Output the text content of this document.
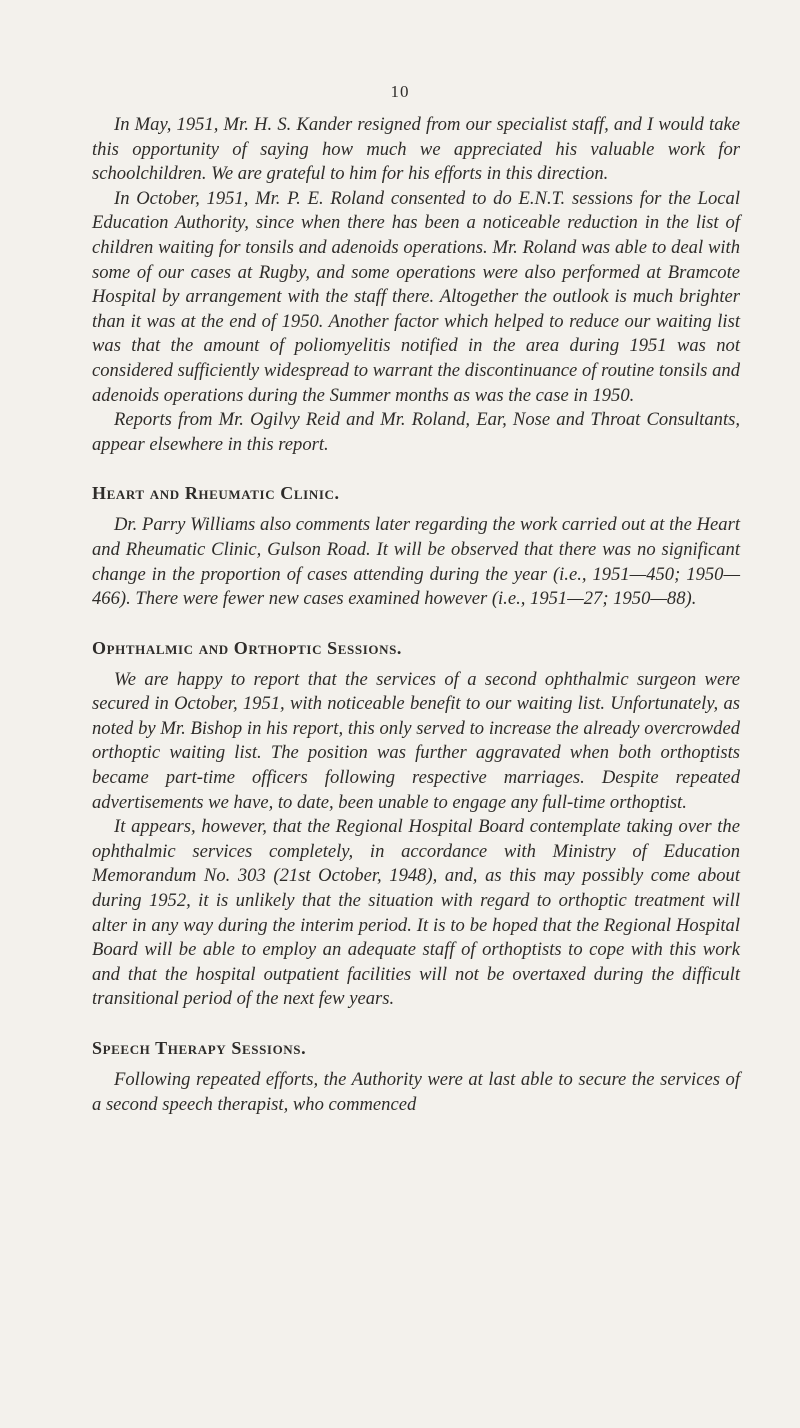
10

In May, 1951, Mr. H. S. Kander resigned from our specialist staff, and I would take this opportunity of saying how much we appreciated his valuable work for schoolchildren. We are grateful to him for his efforts in this direction.

In October, 1951, Mr. P. E. Roland consented to do E.N.T. sessions for the Local Education Authority, since when there has been a noticeable reduction in the list of children waiting for tonsils and adenoids operations. Mr. Roland was able to deal with some of our cases at Rugby, and some operations were also performed at Bramcote Hospital by arrangement with the staff there. Altogether the outlook is much brighter than it was at the end of 1950. Another factor which helped to reduce our waiting list was that the amount of poliomyelitis notified in the area during 1951 was not considered sufficiently widespread to warrant the discontinuance of routine tonsils and adenoids operations during the Summer months as was the case in 1950.

Reports from Mr. Ogilvy Reid and Mr. Roland, Ear, Nose and Throat Consultants, appear elsewhere in this report.

Heart and Rheumatic Clinic.

Dr. Parry Williams also comments later regarding the work carried out at the Heart and Rheumatic Clinic, Gulson Road. It will be observed that there was no significant change in the proportion of cases attending during the year (i.e., 1951—450; 1950—466). There were fewer new cases examined however (i.e., 1951—27; 1950—88).

Ophthalmic and Orthoptic Sessions.

We are happy to report that the services of a second ophthalmic surgeon were secured in October, 1951, with noticeable benefit to our waiting list. Unfortunately, as noted by Mr. Bishop in his report, this only served to increase the already overcrowded orthoptic waiting list. The position was further aggravated when both orthoptists became part-time officers following respective marriages. Despite repeated advertisements we have, to date, been unable to engage any full-time orthoptist.

It appears, however, that the Regional Hospital Board contemplate taking over the ophthalmic services completely, in accordance with Ministry of Education Memorandum No. 303 (21st October, 1948), and, as this may possibly come about during 1952, it is unlikely that the situation with regard to orthoptic treatment will alter in any way during the interim period. It is to be hoped that the Regional Hospital Board will be able to employ an adequate staff of orthoptists to cope with this work and that the hospital outpatient facilities will not be overtaxed during the difficult transitional period of the next few years.

Speech Therapy Sessions.

Following repeated efforts, the Authority were at last able to secure the services of a second speech therapist, who commenced
